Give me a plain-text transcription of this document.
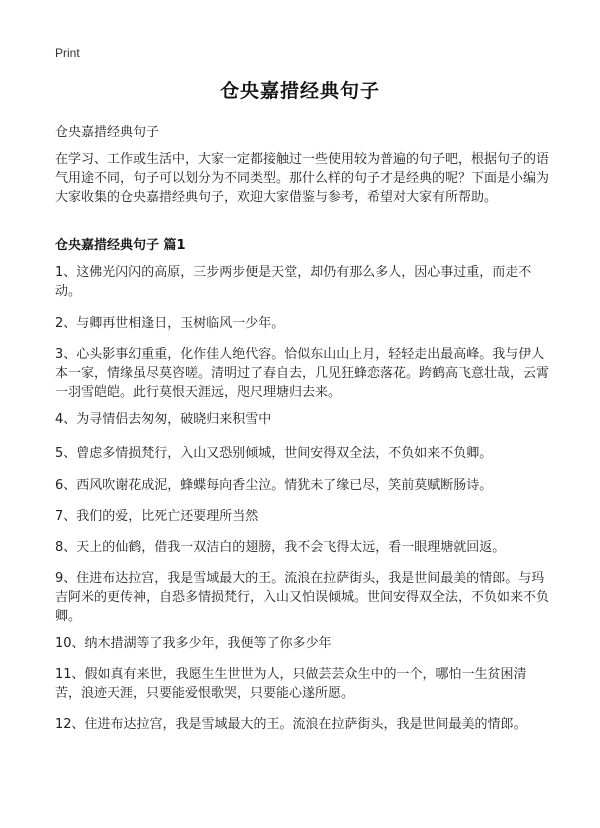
Print
仓央嘉措经典句子
仓央嘉措经典句子
在学习、工作或生活中，大家一定都接触过一些使用较为普遍的句子吧，根据句子的语气用途不同，句子可以划分为不同类型。那什么样的句子才是经典的呢？下面是小编为大家收集的仓央嘉措经典句子，欢迎大家借鉴与参考，希望对大家有所帮助。
仓央嘉措经典句子 篇1
1、这佛光闪闪的高原，三步两步便是天堂，却仍有那么多人，因心事过重，而走不动。
2、与卿再世相逢日，玉树临风一少年。
3、心头影事幻重重，化作佳人绝代容。恰似东山山上月，轻轻走出最高峰。我与伊人本一家，情缘虽尽莫咨嗟。清明过了春自去，几见狂蜂恋落花。跨鹤高飞意壮哉，云霄一羽雪皑皑。此行莫恨天涯远，咫尺理塘归去来。
4、为寻情侣去匆匆，破晓归来积雪中
5、曾虑多情损梵行，入山又恐别倾城，世间安得双全法，不负如来不负卿。
6、西风吹谢花成泥，蜂蝶每向香尘泣。情犹未了缘已尽，笑前莫赋断肠诗。
7、我们的爱，比死亡还要理所当然
8、天上的仙鹤，借我一双洁白的翅膀，我不会飞得太远，看一眼理塘就回返。
9、住进布达拉宫，我是雪域最大的王。流浪在拉萨街头，我是世间最美的情郎。与玛吉阿米的更传神，自恐多情损梵行，入山又怕误倾城。世间安得双全法，不负如来不负卿。
10、纳木措湖等了我多少年，我便等了你多少年
11、假如真有来世，我愿生生世世为人，只做芸芸众生中的一个，哪怕一生贫困清苦，浪迹天涯，只要能爱恨歌哭，只要能心遂所愿。
12、住进布达拉宫，我是雪域最大的王。流浪在拉萨街头，我是世间最美的情郎。
